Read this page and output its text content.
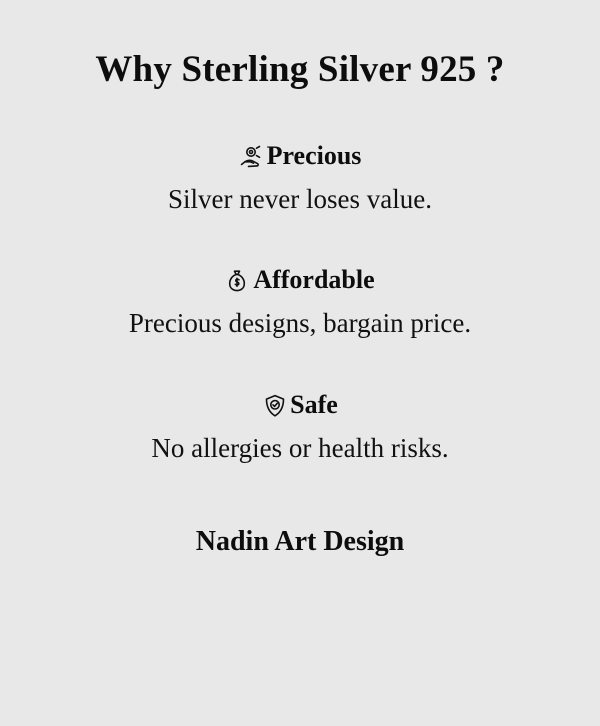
Why Sterling Silver 925 ?
Precious
Silver never loses value.
Affordable
Precious designs, bargain price.
Safe
No allergies or health risks.
Nadin Art Design
